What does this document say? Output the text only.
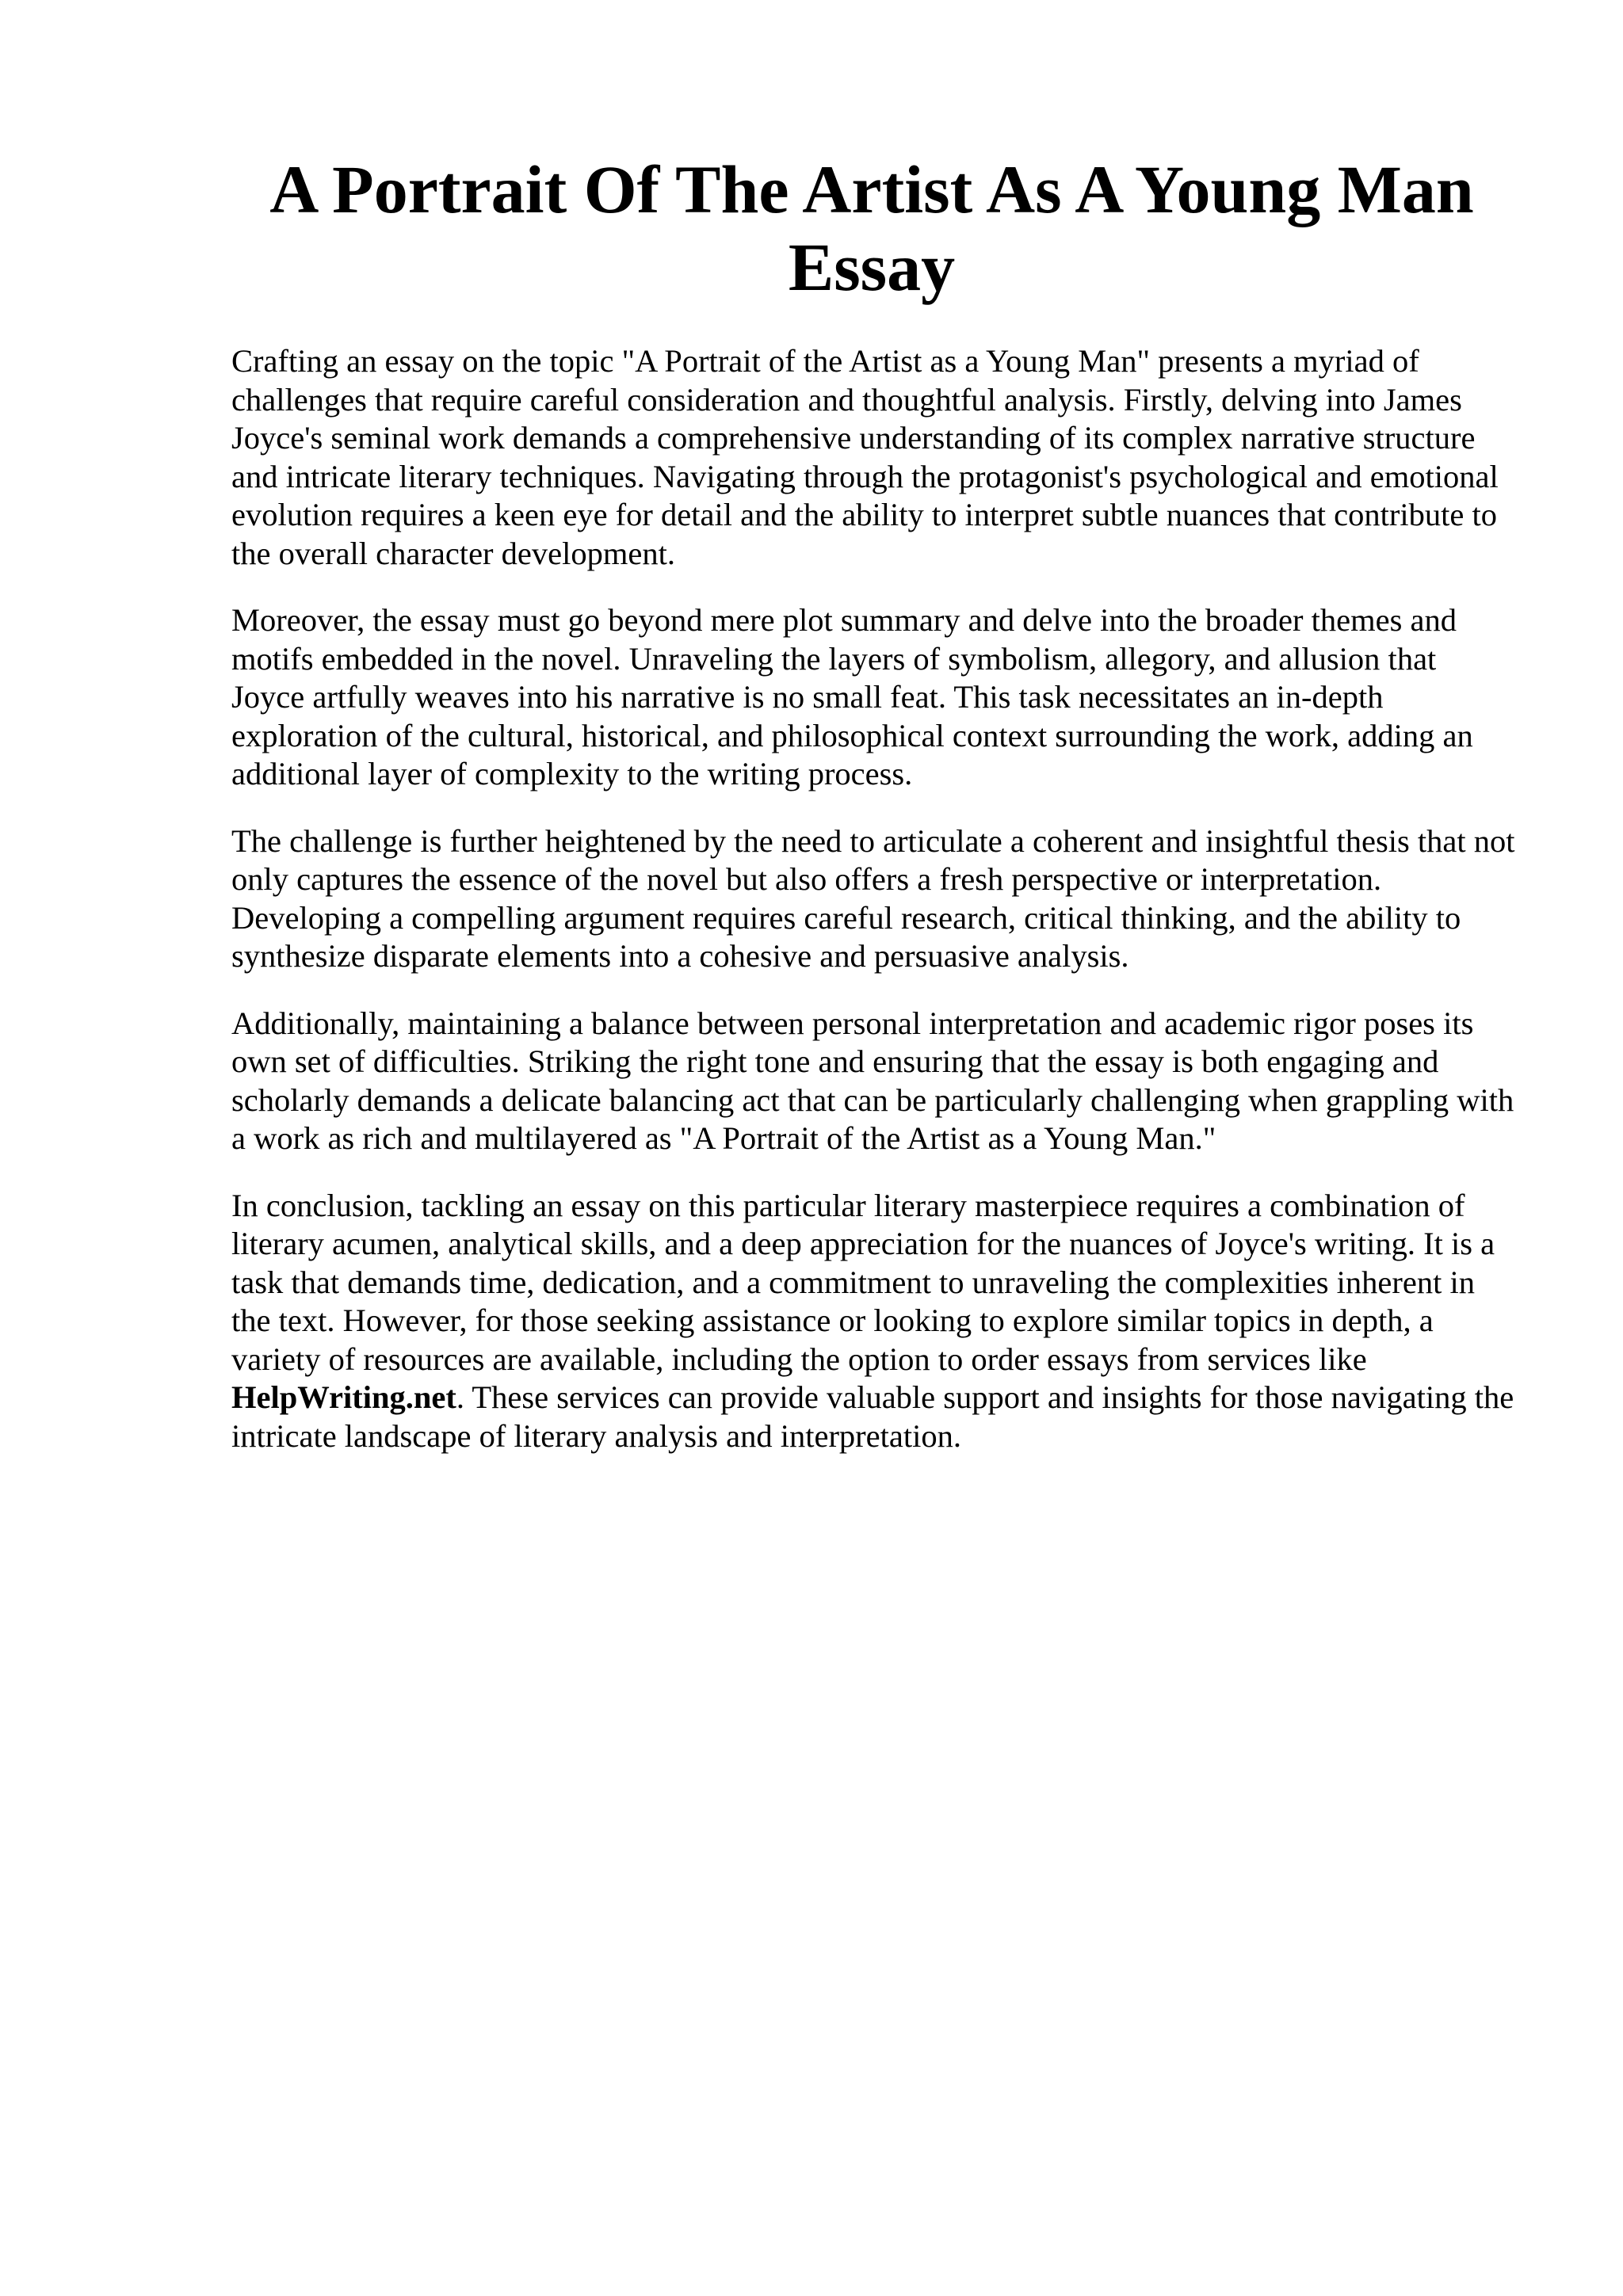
A Portrait Of The Artist As A Young Man Essay

Crafting an essay on the topic "A Portrait of the Artist as a Young Man" presents a myriad of challenges that require careful consideration and thoughtful analysis. Firstly, delving into James Joyce's seminal work demands a comprehensive understanding of its complex narrative structure and intricate literary techniques. Navigating through the protagonist's psychological and emotional evolution requires a keen eye for detail and the ability to interpret subtle nuances that contribute to the overall character development.

Moreover, the essay must go beyond mere plot summary and delve into the broader themes and motifs embedded in the novel. Unraveling the layers of symbolism, allegory, and allusion that Joyce artfully weaves into his narrative is no small feat. This task necessitates an in-depth exploration of the cultural, historical, and philosophical context surrounding the work, adding an additional layer of complexity to the writing process.

The challenge is further heightened by the need to articulate a coherent and insightful thesis that not only captures the essence of the novel but also offers a fresh perspective or interpretation. Developing a compelling argument requires careful research, critical thinking, and the ability to synthesize disparate elements into a cohesive and persuasive analysis.

Additionally, maintaining a balance between personal interpretation and academic rigor poses its own set of difficulties. Striking the right tone and ensuring that the essay is both engaging and scholarly demands a delicate balancing act that can be particularly challenging when grappling with a work as rich and multilayered as "A Portrait of the Artist as a Young Man."

In conclusion, tackling an essay on this particular literary masterpiece requires a combination of literary acumen, analytical skills, and a deep appreciation for the nuances of Joyce's writing. It is a task that demands time, dedication, and a commitment to unraveling the complexities inherent in the text. However, for those seeking assistance or looking to explore similar topics in depth, a variety of resources are available, including the option to order essays from services like HelpWriting.net. These services can provide valuable support and insights for those navigating the intricate landscape of literary analysis and interpretation.
